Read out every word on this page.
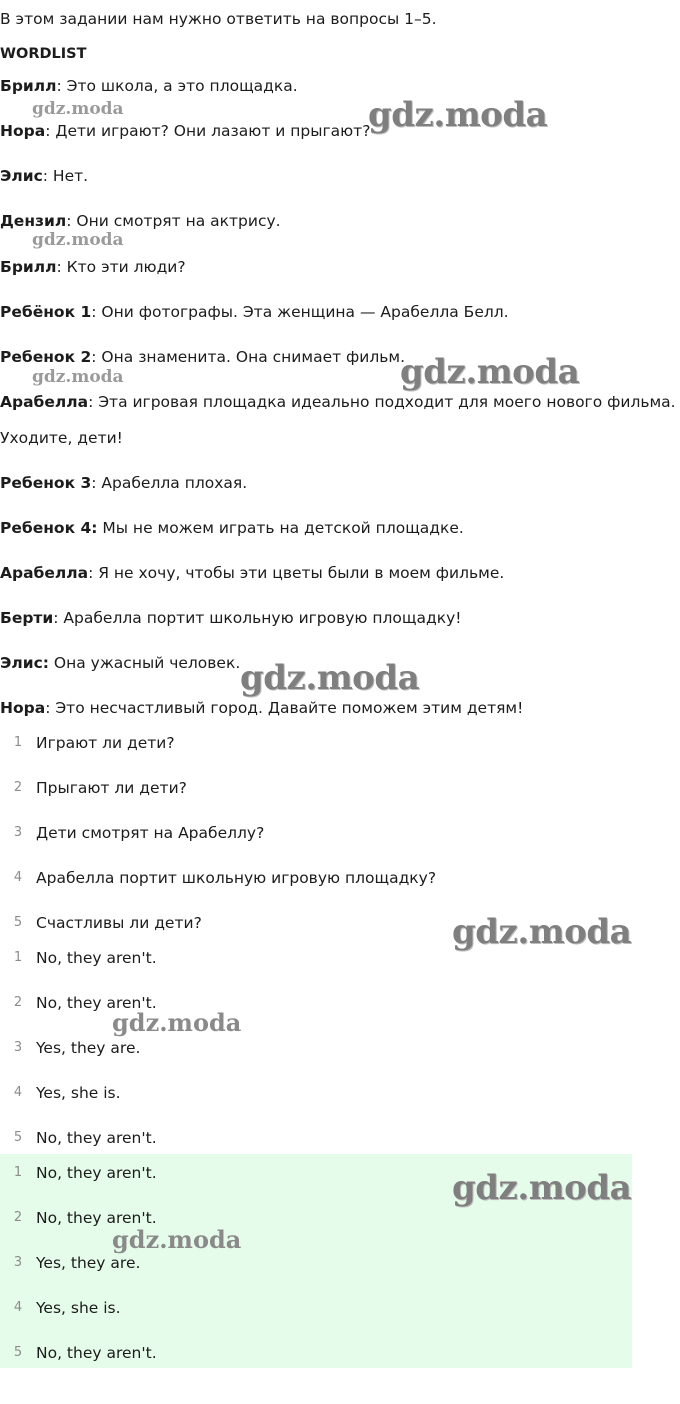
В этом задании нам нужно ответить на вопросы 1–5.
WORDLIST
Брилл: Это школа, а это площадка.
Нора: Дети играют? Они лазают и прыгают?
Элис: Нет.
Дензил: Они смотрят на актрису.
Брилл: Кто эти люди?
Ребёнок 1: Они фотографы. Эта женщина — Арабелла Белл.
Ребенок 2: Она знаменита. Она снимает фильм.
Арабелла: Эта игровая площадка идеально подходит для моего нового фильма.
Уходите, дети!
Ребенок 3: Арабелла плохая.
Ребенок 4: Мы не можем играть на детской площадке.
Арабелла: Я не хочу, чтобы эти цветы были в моем фильме.
Берти: Арабелла портит школьную игровую площадку!
Элис: Она ужасный человек.
Нора: Это несчастливый город. Давайте поможем этим детям!
1 Играют ли дети?
2 Прыгают ли дети?
3 Дети смотрят на Арабеллу?
4 Арабелла портит школьную игровую площадку?
5 Счастливы ли дети?
1 No, they aren't.
2 No, they aren't.
3 Yes, they are.
4 Yes, she is.
5 No, they aren't.
1 No, they aren't.
2 No, they aren't.
3 Yes, they are.
4 Yes, she is.
5 No, they aren't.
gdz.moda	gdz.moda
gdz.moda
gdz.moda	gdz.moda
gdz.moda
gdz.moda
gdz.moda
gdz.moda
gdz.moda
